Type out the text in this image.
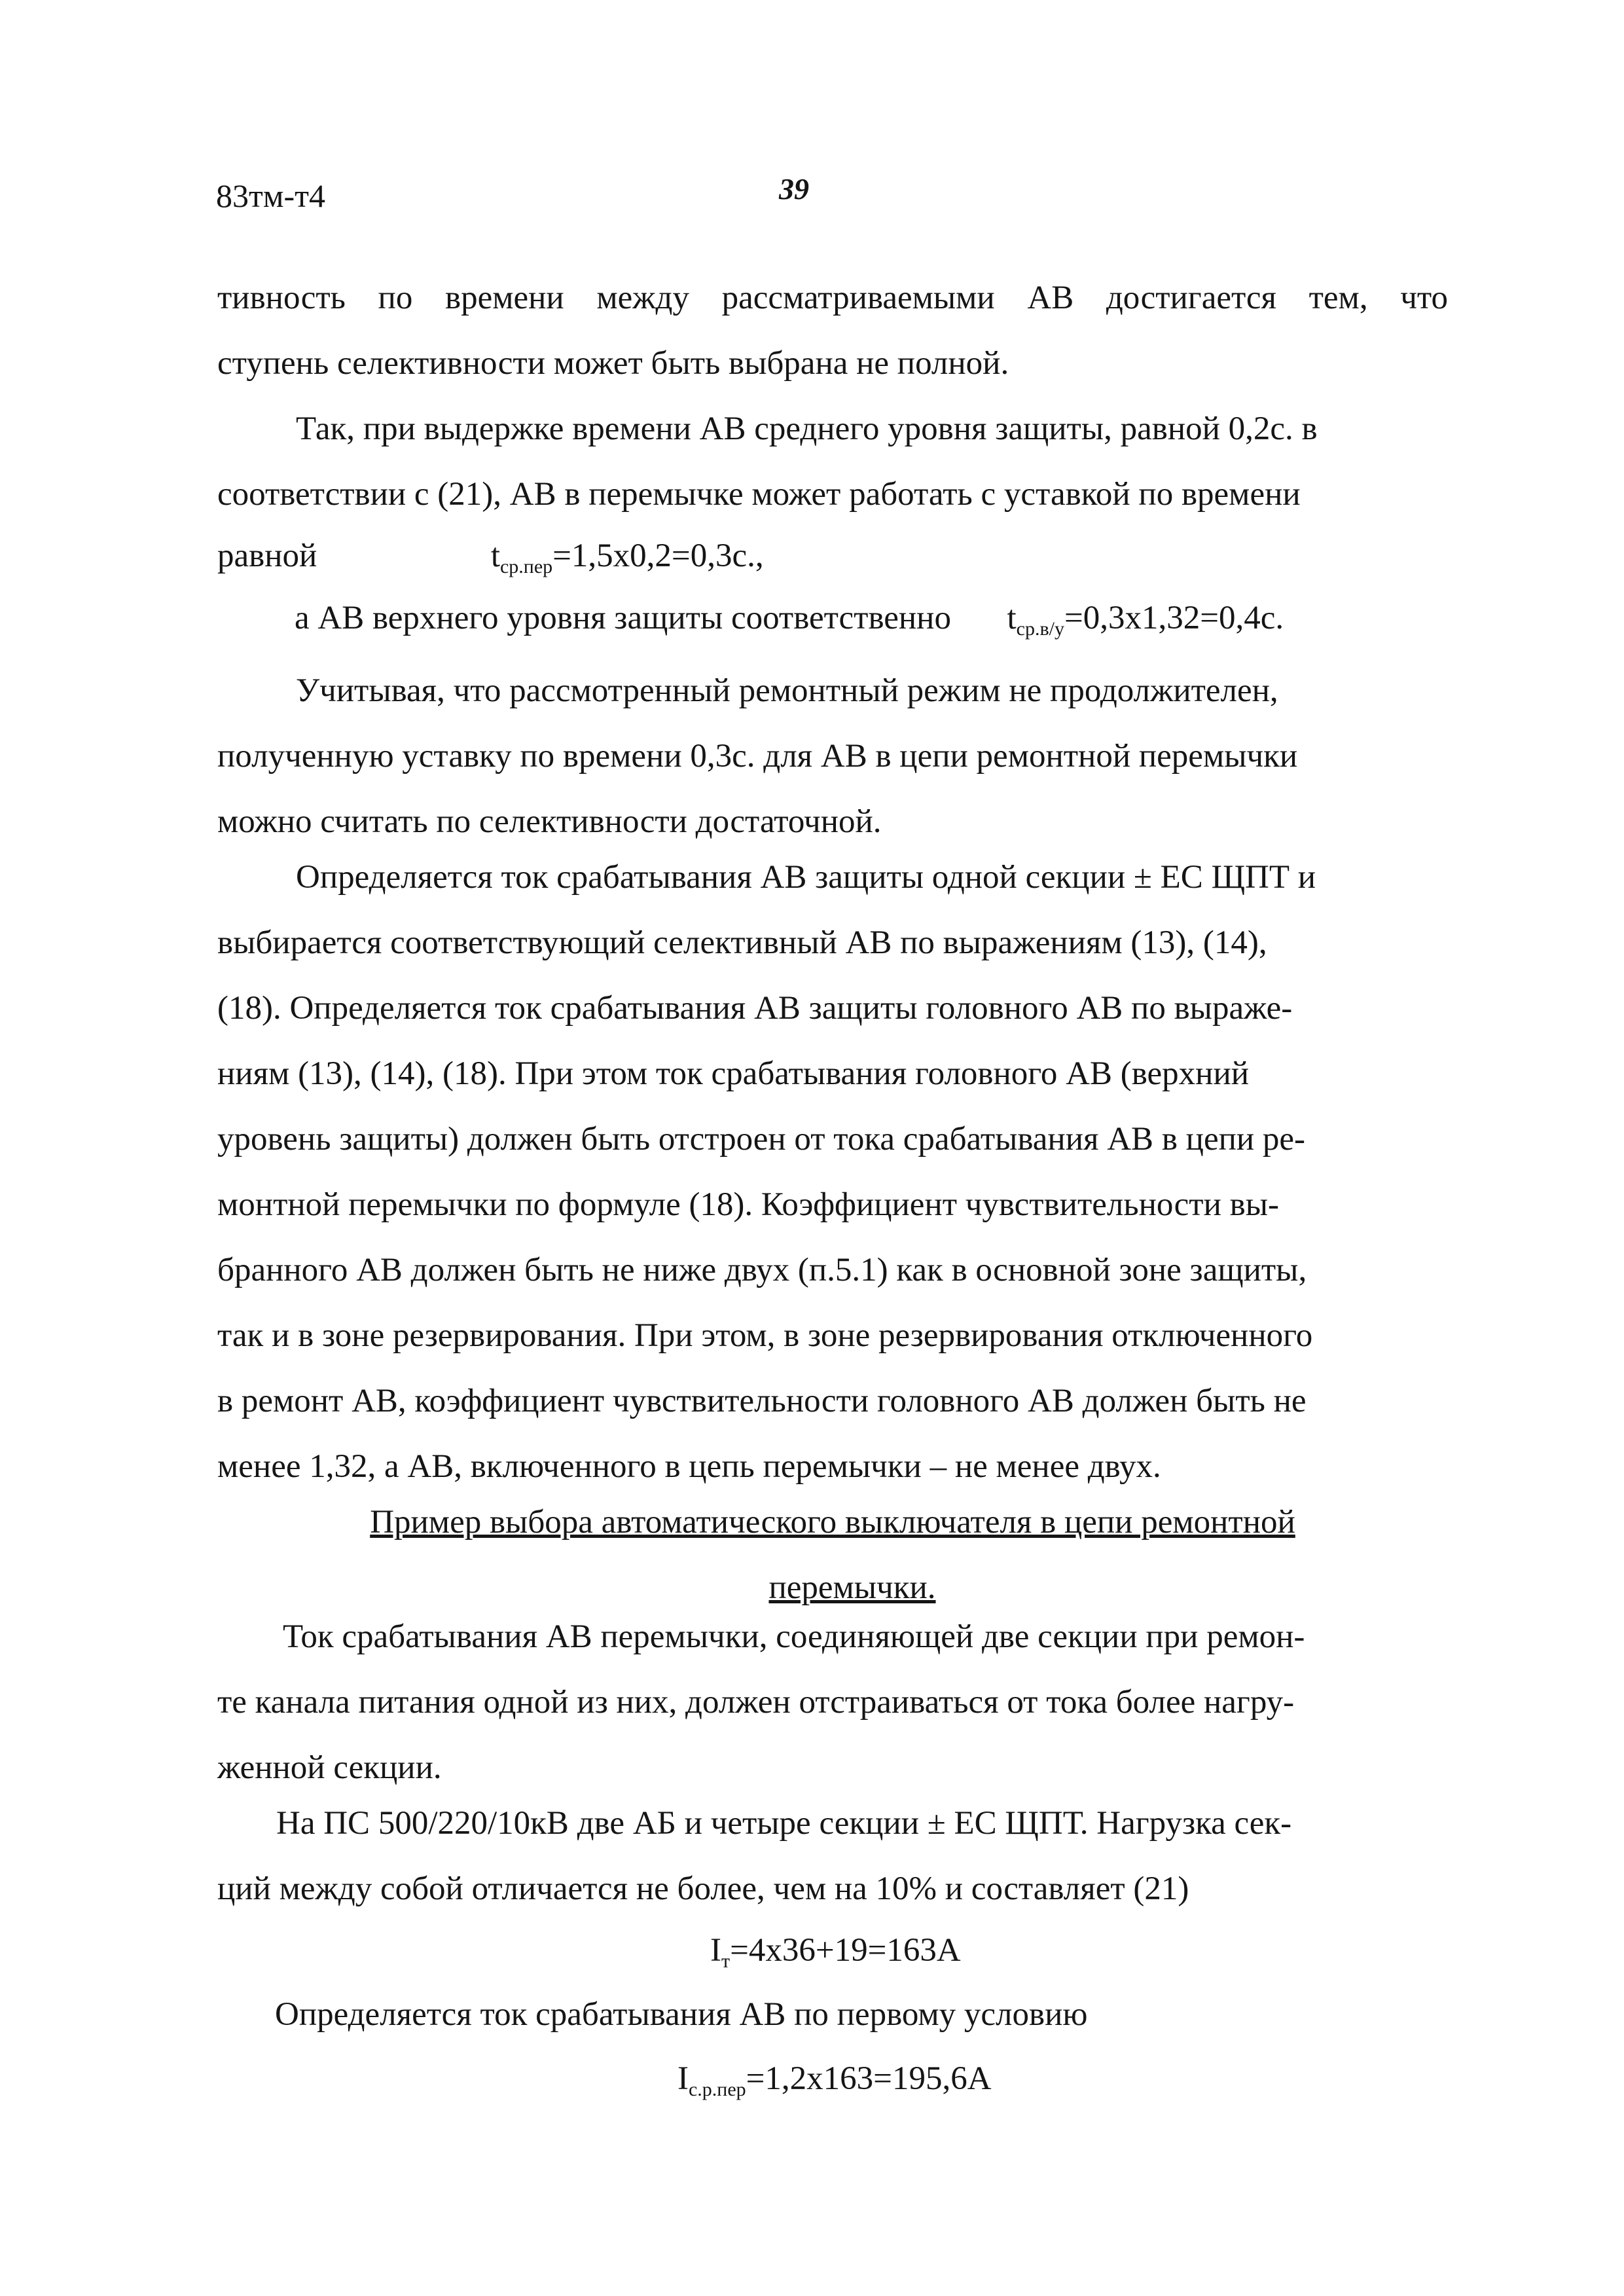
83тм-т4	39
тивность по времени между рассматриваемыми АВ достигается тем, что
ступень селективности может быть выбрана не полной.
Так, при выдержке времени АВ среднего уровня защиты, равной 0,2с. в
соответствии с (21), АВ в перемычке может работать с уставкой по времени
равной	$t_{ср.пер}=1,5x0,2=0,3с$.,
а АВ верхнего уровня защиты соответственно $t_{ср.в/у}=0,3x1,32=0,4с$.
Учитывая, что рассмотренный ремонтный режим не продолжителен,
полученную уставку по времени 0,3с. для АВ в цепи ремонтной перемычки
можно считать по селективности достаточной.
Определяется ток срабатывания АВ защиты одной секции ± ЕС ЩПТ и
выбирается соответствующий селективный АВ по выражениям (13), (14),
(18). Определяется ток срабатывания АВ защиты головного АВ по выраже-
ниям (13), (14), (18). При этом ток срабатывания головного АВ (верхний
уровень защиты) должен быть отстроен от тока срабатывания АВ в цепи ре-
монтной перемычки по формуле (18). Коэффициент чувствительности вы-
бранного АВ должен быть не ниже двух (п.5.1) как в основной зоне защиты,
так и в зоне резервирования. При этом, в зоне резервирования отключенного
в ремонт АВ, коэффициент чувствительности головного АВ должен быть не
менее 1,32, а АВ, включенного в цепь перемычки – не менее двух.
Пример выбора автоматического выключателя в цепи ремонтной
перемычки.
Ток срабатывания АВ перемычки, соединяющей две секции при ремон-
те канала питания одной из них, должен отстраиваться от тока более нагру-
женной секции.
На ПС 500/220/10кВ две АБ и четыре секции ± ЕС ЩПТ. Нагрузка сек-
ций между собой отличается не более, чем на 10% и составляет (21)
$I_т=4x36+19=163А$
Определяется ток срабатывания АВ по первому условию
$I_{с.р.пер}=1,2x163=195,6А$
